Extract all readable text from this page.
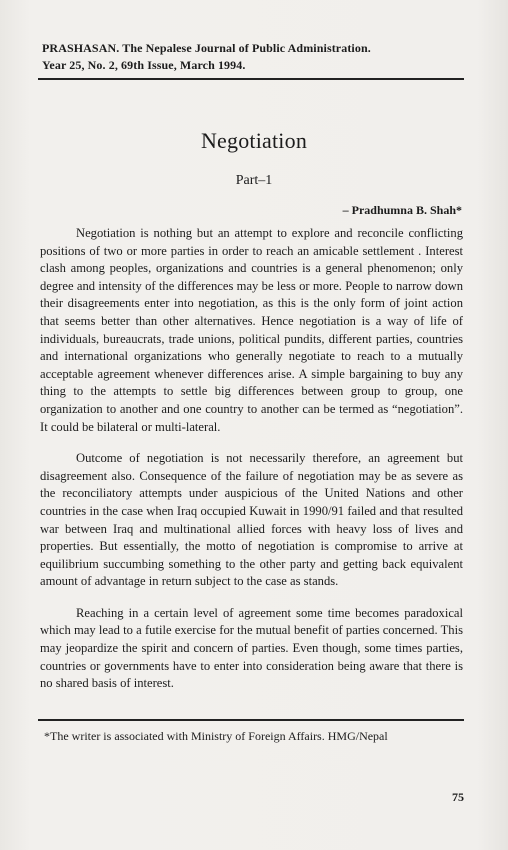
PRASHASAN. The Nepalese Journal of Public Administration.
Year 25, No. 2, 69th Issue, March 1994.
Negotiation
Part–1
– Pradhumna B. Shah*

Negotiation is nothing but an attempt to explore and reconcile conflicting positions of two or more parties in order to reach an amicable settlement . Interest clash among peoples, organizations and countries is a general phenomenon; only degree and intensity of the differences may be less or more. People to narrow down their disagreements enter into negotiation, as this is the only form of joint action that seems better than other alternatives. Hence negotiation is a way of life of individuals, bureaucrats, trade unions, political pundits, different parties, countries and international organizations who generally negotiate to reach to a mutually acceptable agreement whenever differences arise. A simple bargaining to buy any thing to the attempts to settle big differences between group to group, one organization to another and one country to another can be termed as “negotiation”. It could be bilateral or multi-lateral.

Outcome of negotiation is not necessarily therefore, an agreement but disagreement also. Consequence of the failure of negotiation may be as severe as the reconciliatory attempts under auspicious of the United Nations and other countries in the case when Iraq occupied Kuwait in 1990/91 failed and that resulted war between Iraq and multinational allied forces with heavy loss of lives and properties. But essentially, the motto of negotiation is compromise to arrive at equilibrium succumbing something to the other party and getting back equivalent amount of advantage in return subject to the case as stands.

Reaching in a certain level of agreement some time becomes paradoxical which may lead to a futile exercise for the mutual benefit of parties concerned. This may jeopardize the spirit and concern of parties. Even though, some times parties, countries or governments have to enter into consideration being aware that there is no shared basis of interest.

*The writer is associated with Ministry of Foreign Affairs. HMG/Nepal
75
